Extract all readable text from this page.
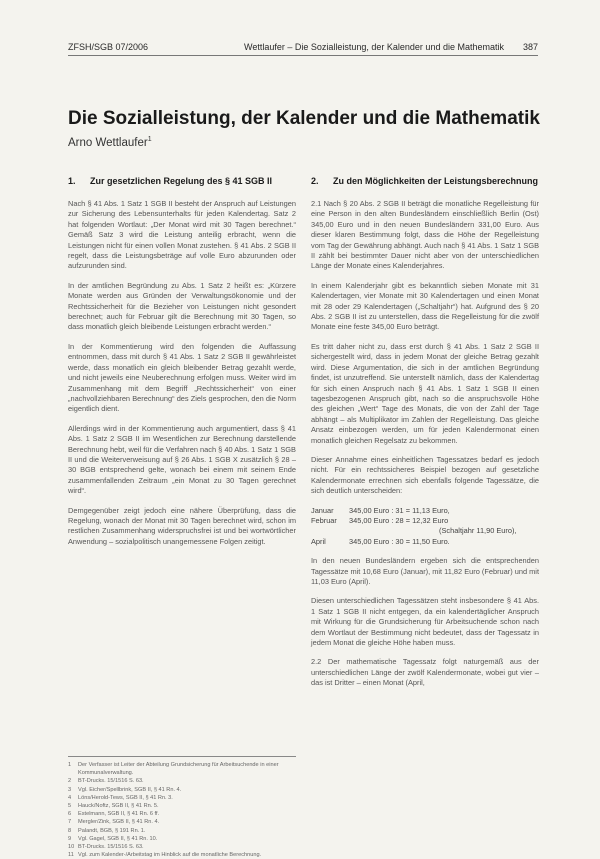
ZFSH/SGB 07/2006	Wettlaufer – Die Sozialleistung, der Kalender und die Mathematik 387
Die Sozialleistung, der Kalender und die Mathematik
Arno Wettlaufer$^1$
1.	Zur gesetzlichen Regelung des § 41 SGB II

Nach § 41 Abs. 1 Satz 1 SGB II besteht der Anspruch auf Leistungen zur Sicherung des Lebensunterhalts für jeden Kalendertag. Satz 2 hat folgenden Wortlaut: „Der Monat wird mit 30 Tagen berechnet.“ Gemäß Satz 3 wird die Leistung anteilig erbracht, wenn die Leistungen nicht für einen vollen Monat zustehen. § 41 Abs. 2 SGB II regelt, dass die Leistungsbeträge auf volle Euro abzurunden oder aufzurunden sind.

In der amtlichen Begründung zu Abs. 1 Satz 2 heißt es: „Kürzere Monate werden aus Gründen der Verwaltungsökonomie und der Rechtssicherheit für die Bezieher von Leistungen nicht gesondert berechnet; auch für Februar gilt die Berechnung mit 30 Tagen, so dass monatlich gleich bleibende Leistungen erbracht werden.“

In der Kommentierung wird den folgenden die Auffassung entnommen, dass mit durch § 41 Abs. 1 Satz 2 SGB II gewährleistet werde, dass monatlich ein gleich bleibender Betrag gezahlt werde, und nicht jeweils eine Neuberechnung erfolgen muss. Weiter wird im Zusammenhang mit dem Begriff „Rechtssicherheit“ von einer „nachvollziehbaren Berechnung“ des Ziels gesprochen, den die Norm eigentlich dient.

Allerdings wird in der Kommentierung auch argumentiert, dass § 41 Abs. 1 Satz 2 SGB II im Wesentlichen zur Berechnung darstellende Berechnung hebt, weil für die Verfahren nach § 40 Abs. 1 Satz 1 SGB II und die Weiterverweisung auf § 26 Abs. 1 SGB X zusätzlich § 28 – 30 BGB entsprechend gelte, wonach bei einem mit seinem Ende zusammenfallenden Zeitraum „ein Monat zu 30 Tagen gerechnet wird“.

Demgegenüber zeigt jedoch eine nähere Überprüfung, dass die Regelung, wonach der Monat mit 30 Tagen berechnet wird, schon im restlichen Zusammenhang widerspruchsfrei ist und bei wortwörtlicher Anwendung – sozialpolitisch unangemessene Folgen zeitigt.

1	Der Verfasser ist Leiter der Abteilung Grundsicherung für Arbeitsuchende in einer Kommunalverwaltung.
2	BT-Drucks. 15/1516 S. 63.
3	Vgl. Eicher/Spellbrink, SGB II, § 41 Rn. 4.
4	Löns/Herold-Tews, SGB II, § 41 Rn. 3.
5	Hauck/Noftz, SGB II, § 41 Rn. 5.
6	Estelmann, SGB II, § 41 Rn. 6 ff.
7	Mergler/Zink, SGB II, § 41 Rn. 4.
8	Palandt, BGB, § 191 Rn. 1.
9	Vgl. Gagel, SGB II, § 41 Rn. 10.
10 BT-Drucks. 15/1516 S. 63.
11 Vgl. zum Kalender-/Arbeitstag im Hinblick auf die monatliche Berechnung.
2.	Zu den Möglichkeiten der Leistungsberechnung

2.1 Nach § 20 Abs. 2 SGB II beträgt die monatliche Regelleistung für eine Person in den alten Bundesländern einschließlich Berlin (Ost) 345,00 Euro und in den neuen Bundesländern 331,00 Euro. Aus dieser klaren Bestimmung folgt, dass die Höhe der Regelleistung vom Tag der Gewährung abhängt. Auch nach § 41 Abs. 1 Satz 1 SGB II zählt bei bestimmter Dauer nicht aber von der unterschiedlichen Länge der Monate eines Kalenderjahres.

In einem Kalenderjahr gibt es bekanntlich sieben Monate mit 31 Kalendertagen, vier Monate mit 30 Kalendertagen und einen Monat mit 28 oder 29 Kalendertagen („Schaltjahr“) hat. Aufgrund des § 20 Abs. 2 SGB II ist zu unterstellen, dass die Regelleistung für die zwölf Monate eine feste 345,00 Euro beträgt.

Es tritt daher nicht zu, dass erst durch § 41 Abs. 1 Satz 2 SGB II sichergestellt wird, dass in jedem Monat der gleiche Betrag gezahlt wird. Diese Argumentation, die sich in der amtlichen Begründung findet, ist unzutreffend. Sie unterstellt nämlich, dass der Kalendertag für sich einen Anspruch nach § 41 Abs. 1 Satz 1 SGB II einen tagesbezogenen Anspruch gibt, nach so die anspruchsvolle Höhe des gleichen „Wert“ Tage des Monats, die von der Zahl der Tage abhängt – als Multiplikator im Zahlen der Regelleistung. Das gleiche Ansatz einbezogen werden, um für jeden Kalendermonat einen monatlich gleichen Regelsatz zu bekommen.

Dieser Annahme eines einheitlichen Tagessatzes bedarf es jedoch nicht. Für ein rechtssicheres Beispiel bezogen auf gesetzliche Kalendermonate errechnen sich ebenfalls folgende Tagessätze, die sich deutlich unterscheiden:

Januar	345,00 Euro : 31 = 11,13 Euro,
Februar	345,00 Euro : 28 = 12,32 Euro
(Schaltjahr 11,90 Euro),
April	345,00 Euro : 30 = 11,50 Euro.

In den neuen Bundesländern ergeben sich die entsprechenden Tagessätze mit 10,68 Euro (Januar), mit 11,82 Euro (Februar) und mit 11,03 Euro (April).

Diesen unterschiedlichen Tagessätzen steht insbesondere § 41 Abs. 1 Satz 1 SGB II nicht entgegen, da ein kalendertäglicher Anspruch mit Wirkung für die Grundsicherung für Arbeitsuchende schon nach dem Wortlaut der Bestimmung nicht bedeutet, dass der Tagessatz in jedem Monat die gleiche Höhe haben muss.

2.2 Der mathematische Tagessatz folgt naturgemäß aus der unterschiedlichen Länge der zwölf Kalendermonate, wobei gut vier – das ist Dritter – einen Monat (April,
